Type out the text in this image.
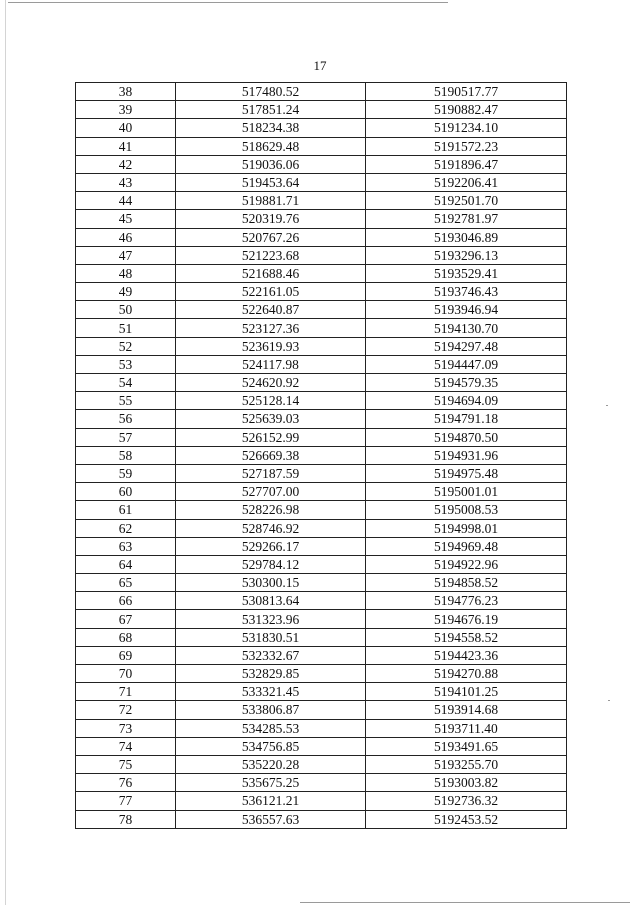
17
38	517480.52	5190517.77
39	517851.24	5190882.47
40	518234.38	5191234.10
41	518629.48	5191572.23
42	519036.06	5191896.47
43	519453.64	5192206.41
44	519881.71	5192501.70
45	520319.76	5192781.97
46	520767.26	5193046.89
47	521223.68	5193296.13
48	521688.46	5193529.41
49	522161.05	5193746.43
50	522640.87	5193946.94
51	523127.36	5194130.70
52	523619.93	5194297.48
53	524117.98	5194447.09
54	524620.92	5194579.35
55	525128.14	5194694.09
56	525639.03	5194791.18
57	526152.99	5194870.50
58	526669.38	5194931.96
59	527187.59	5194975.48
60	527707.00	5195001.01
61	528226.98	5195008.53
62	528746.92	5194998.01
63	529266.17	5194969.48
64	529784.12	5194922.96
65	530300.15	5194858.52
66	530813.64	5194776.23
67	531323.96	5194676.19
68	531830.51	5194558.52
69	532332.67	5194423.36
70	532829.85	5194270.88
71	533321.45	5194101.25
72	533806.87	5193914.68
73	534285.53	5193711.40
74	534756.85	5193491.65
75	535220.28	5193255.70
76	535675.25	5193003.82
77	536121.21	5192736.32
78	536557.63	5192453.52
